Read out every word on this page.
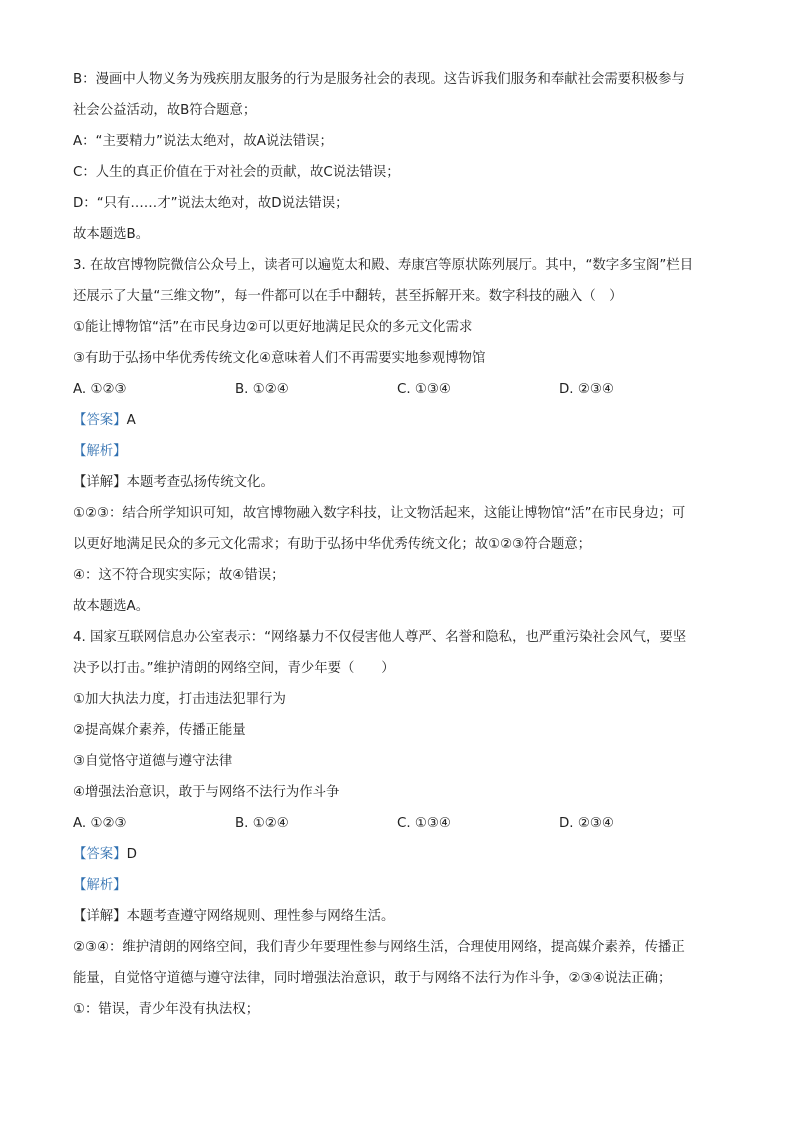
B：漫画中人物义务为残疾朋友服务的行为是服务社会的表现。这告诉我们服务和奉献社会需要积极参与
社会公益活动，故B符合题意；
A：“主要精力”说法太绝对，故A说法错误；
C：人生的真正价值在于对社会的贡献，故C说法错误；
D：“只有……才”说法太绝对，故D说法错误；
故本题选B。
3. 在故宫博物院微信公众号上，读者可以遍览太和殿、寿康宫等原状陈列展厅。其中，“数字多宝阁”栏目
还展示了大量“三维文物”，每一件都可以在手中翻转，甚至拆解开来。数字科技的融入（　）
①能让博物馆“活”在市民身边②可以更好地满足民众的多元文化需求
③有助于弘扬中华优秀传统文化④意味着人们不再需要实地参观博物馆
A. ①②③	B. ①②④	C. ①③④	D. ②③④
【答案】A
【解析】
【详解】本题考查弘扬传统文化。
①②③：结合所学知识可知，故宫博物融入数字科技，让文物活起来，这能让博物馆“活”在市民身边；可
以更好地满足民众的多元文化需求；有助于弘扬中华优秀传统文化；故①②③符合题意；
④：这不符合现实实际；故④错误；
故本题选A。
4. 国家互联网信息办公室表示：“网络暴力不仅侵害他人尊严、名誉和隐私，也严重污染社会风气，要坚
决予以打击。”维护清朗的网络空间，青少年要（　　）
①加大执法力度，打击违法犯罪行为
②提高媒介素养，传播正能量
③自觉恪守道德与遵守法律
④增强法治意识，敢于与网络不法行为作斗争
A. ①②③	B. ①②④	C. ①③④	D. ②③④
【答案】D
【解析】
【详解】本题考查遵守网络规则、理性参与网络生活。
②③④：维护清朗的网络空间，我们青少年要理性参与网络生活，合理使用网络，提高媒介素养，传播正
能量，自觉恪守道德与遵守法律，同时增强法治意识，敢于与网络不法行为作斗争，②③④说法正确；
①：错误，青少年没有执法权；
